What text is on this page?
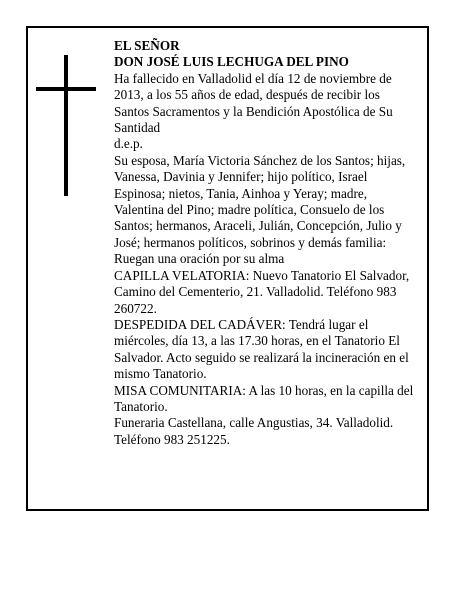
EL SEÑOR

DON JOSÉ LUIS LECHUGA DEL PINO

Ha fallecido en Valladolid el día 12 de noviembre de 2013, a los 55 años de edad, después de recibir los Santos Sacramentos y la Bendición Apostólica de Su Santidad

d.e.p.

Su esposa, María Victoria Sánchez de los Santos; hijas, Vanessa, Davinia y Jennifer; hijo político, Israel Espinosa; nietos, Tania, Ainhoa y Yeray; madre, Valentina del Pino; madre política, Consuelo de los Santos; hermanos, Araceli, Julián, Concepción, Julio y José; hermanos políticos, sobrinos y demás familia:

Ruegan una oración por su alma

CAPILLA VELATORIA: Nuevo Tanatorio El Salvador, Camino del Cementerio, 21. Valladolid. Teléfono 983 260722.

DESPEDIDA DEL CADÁVER: Tendrá lugar el miércoles, día 13, a las 17.30 horas, en el Tanatorio El Salvador. Acto seguido se realizará la incineración en el mismo Tanatorio.

MISA COMUNITARIA: A las 10 horas, en la capilla del Tanatorio.

Funeraria Castellana, calle Angustias, 34. Valladolid. Teléfono 983 251225.
